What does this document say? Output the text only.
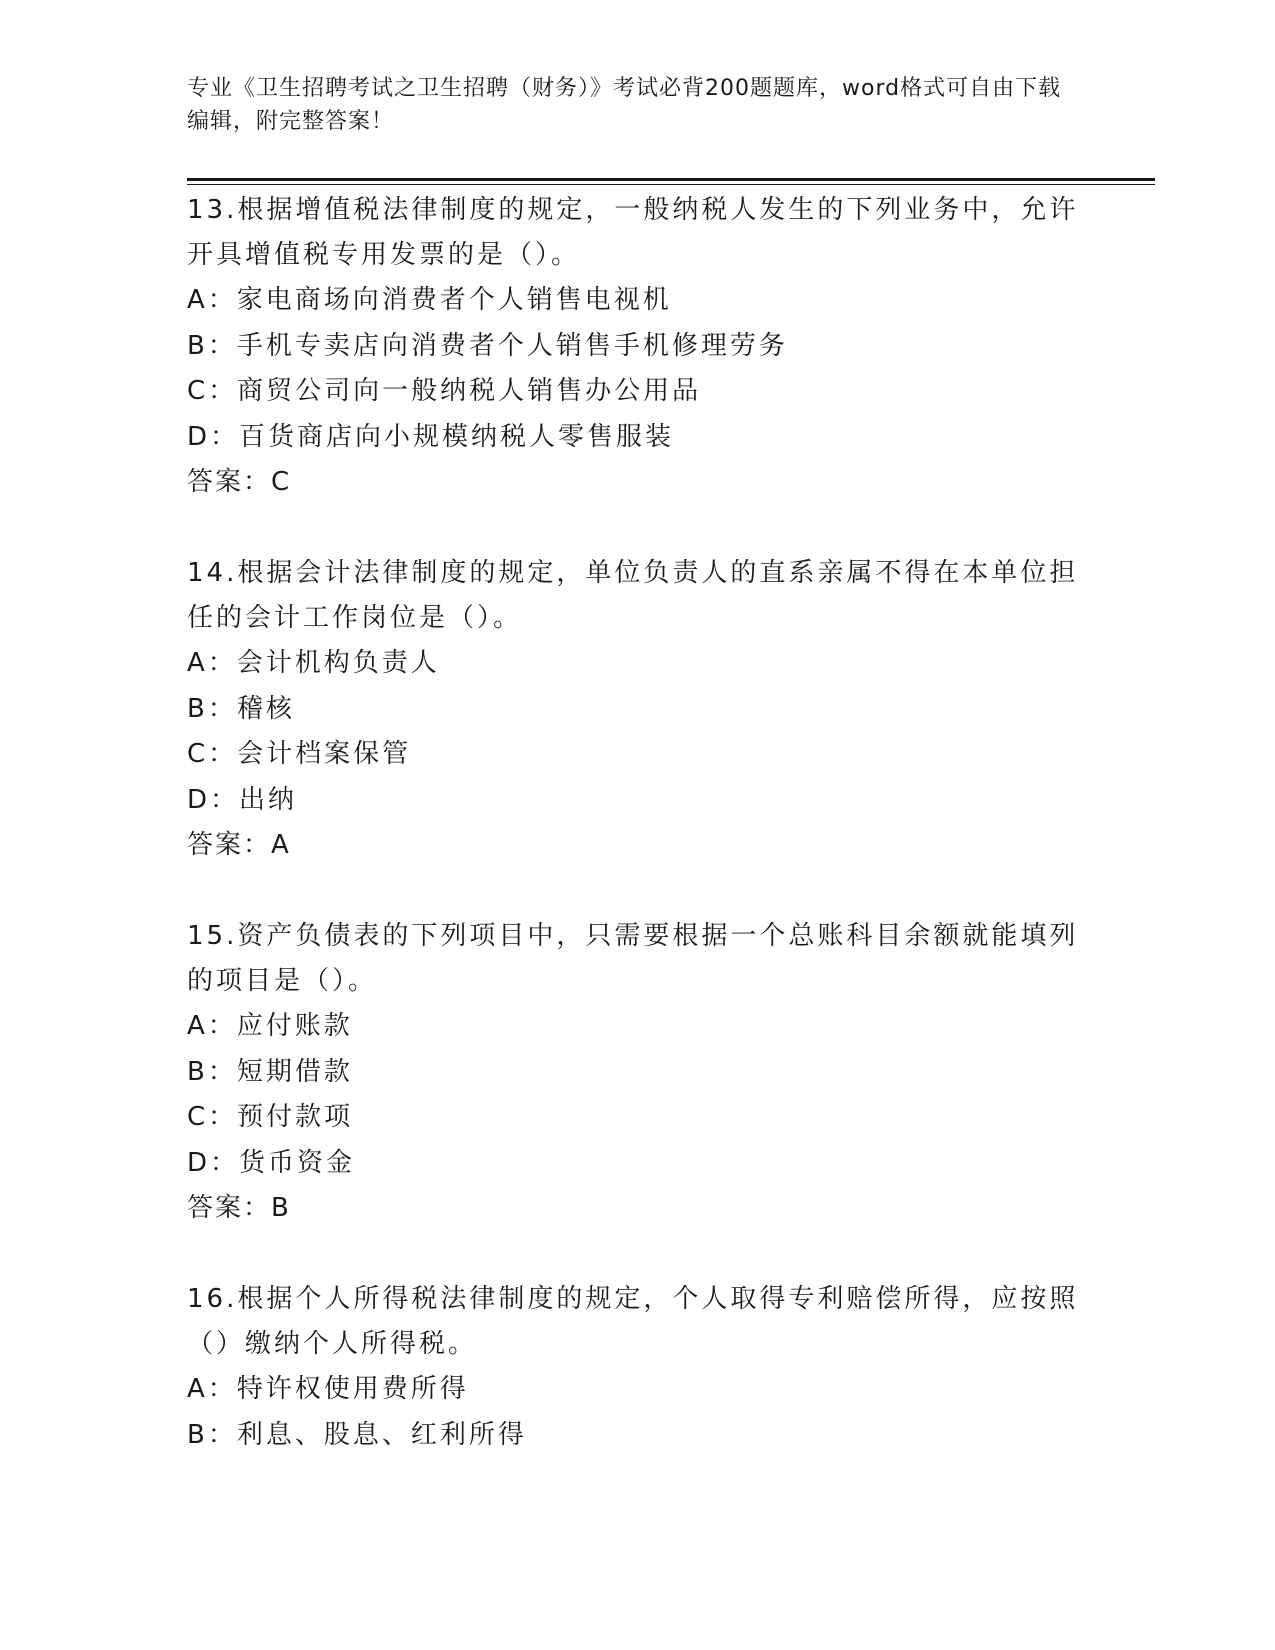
专业《卫生招聘考试之卫生招聘（财务）》考试必背200题题库，word格式可自由下载编辑，附完整答案！

13.根据增值税法律制度的规定，一般纳税人发生的下列业务中，允许开具增值税专用发票的是（）。

A：家电商场向消费者个人销售电视机

B：手机专卖店向消费者个人销售手机修理劳务

C：商贸公司向一般纳税人销售办公用品

D：百货商店向小规模纳税人零售服装

答案：C

14.根据会计法律制度的规定，单位负责人的直系亲属不得在本单位担任的会计工作岗位是（）。

A：会计机构负责人

B：稽核

C：会计档案保管

D：出纳

答案：A

15.资产负债表的下列项目中，只需要根据一个总账科目余额就能填列的项目是（）。

A：应付账款

B：短期借款

C：预付款项

D：货币资金

答案：B

16.根据个人所得税法律制度的规定，个人取得专利赔偿所得，应按照（）缴纳个人所得税。

A：特许权使用费所得

B：利息、股息、红利所得
